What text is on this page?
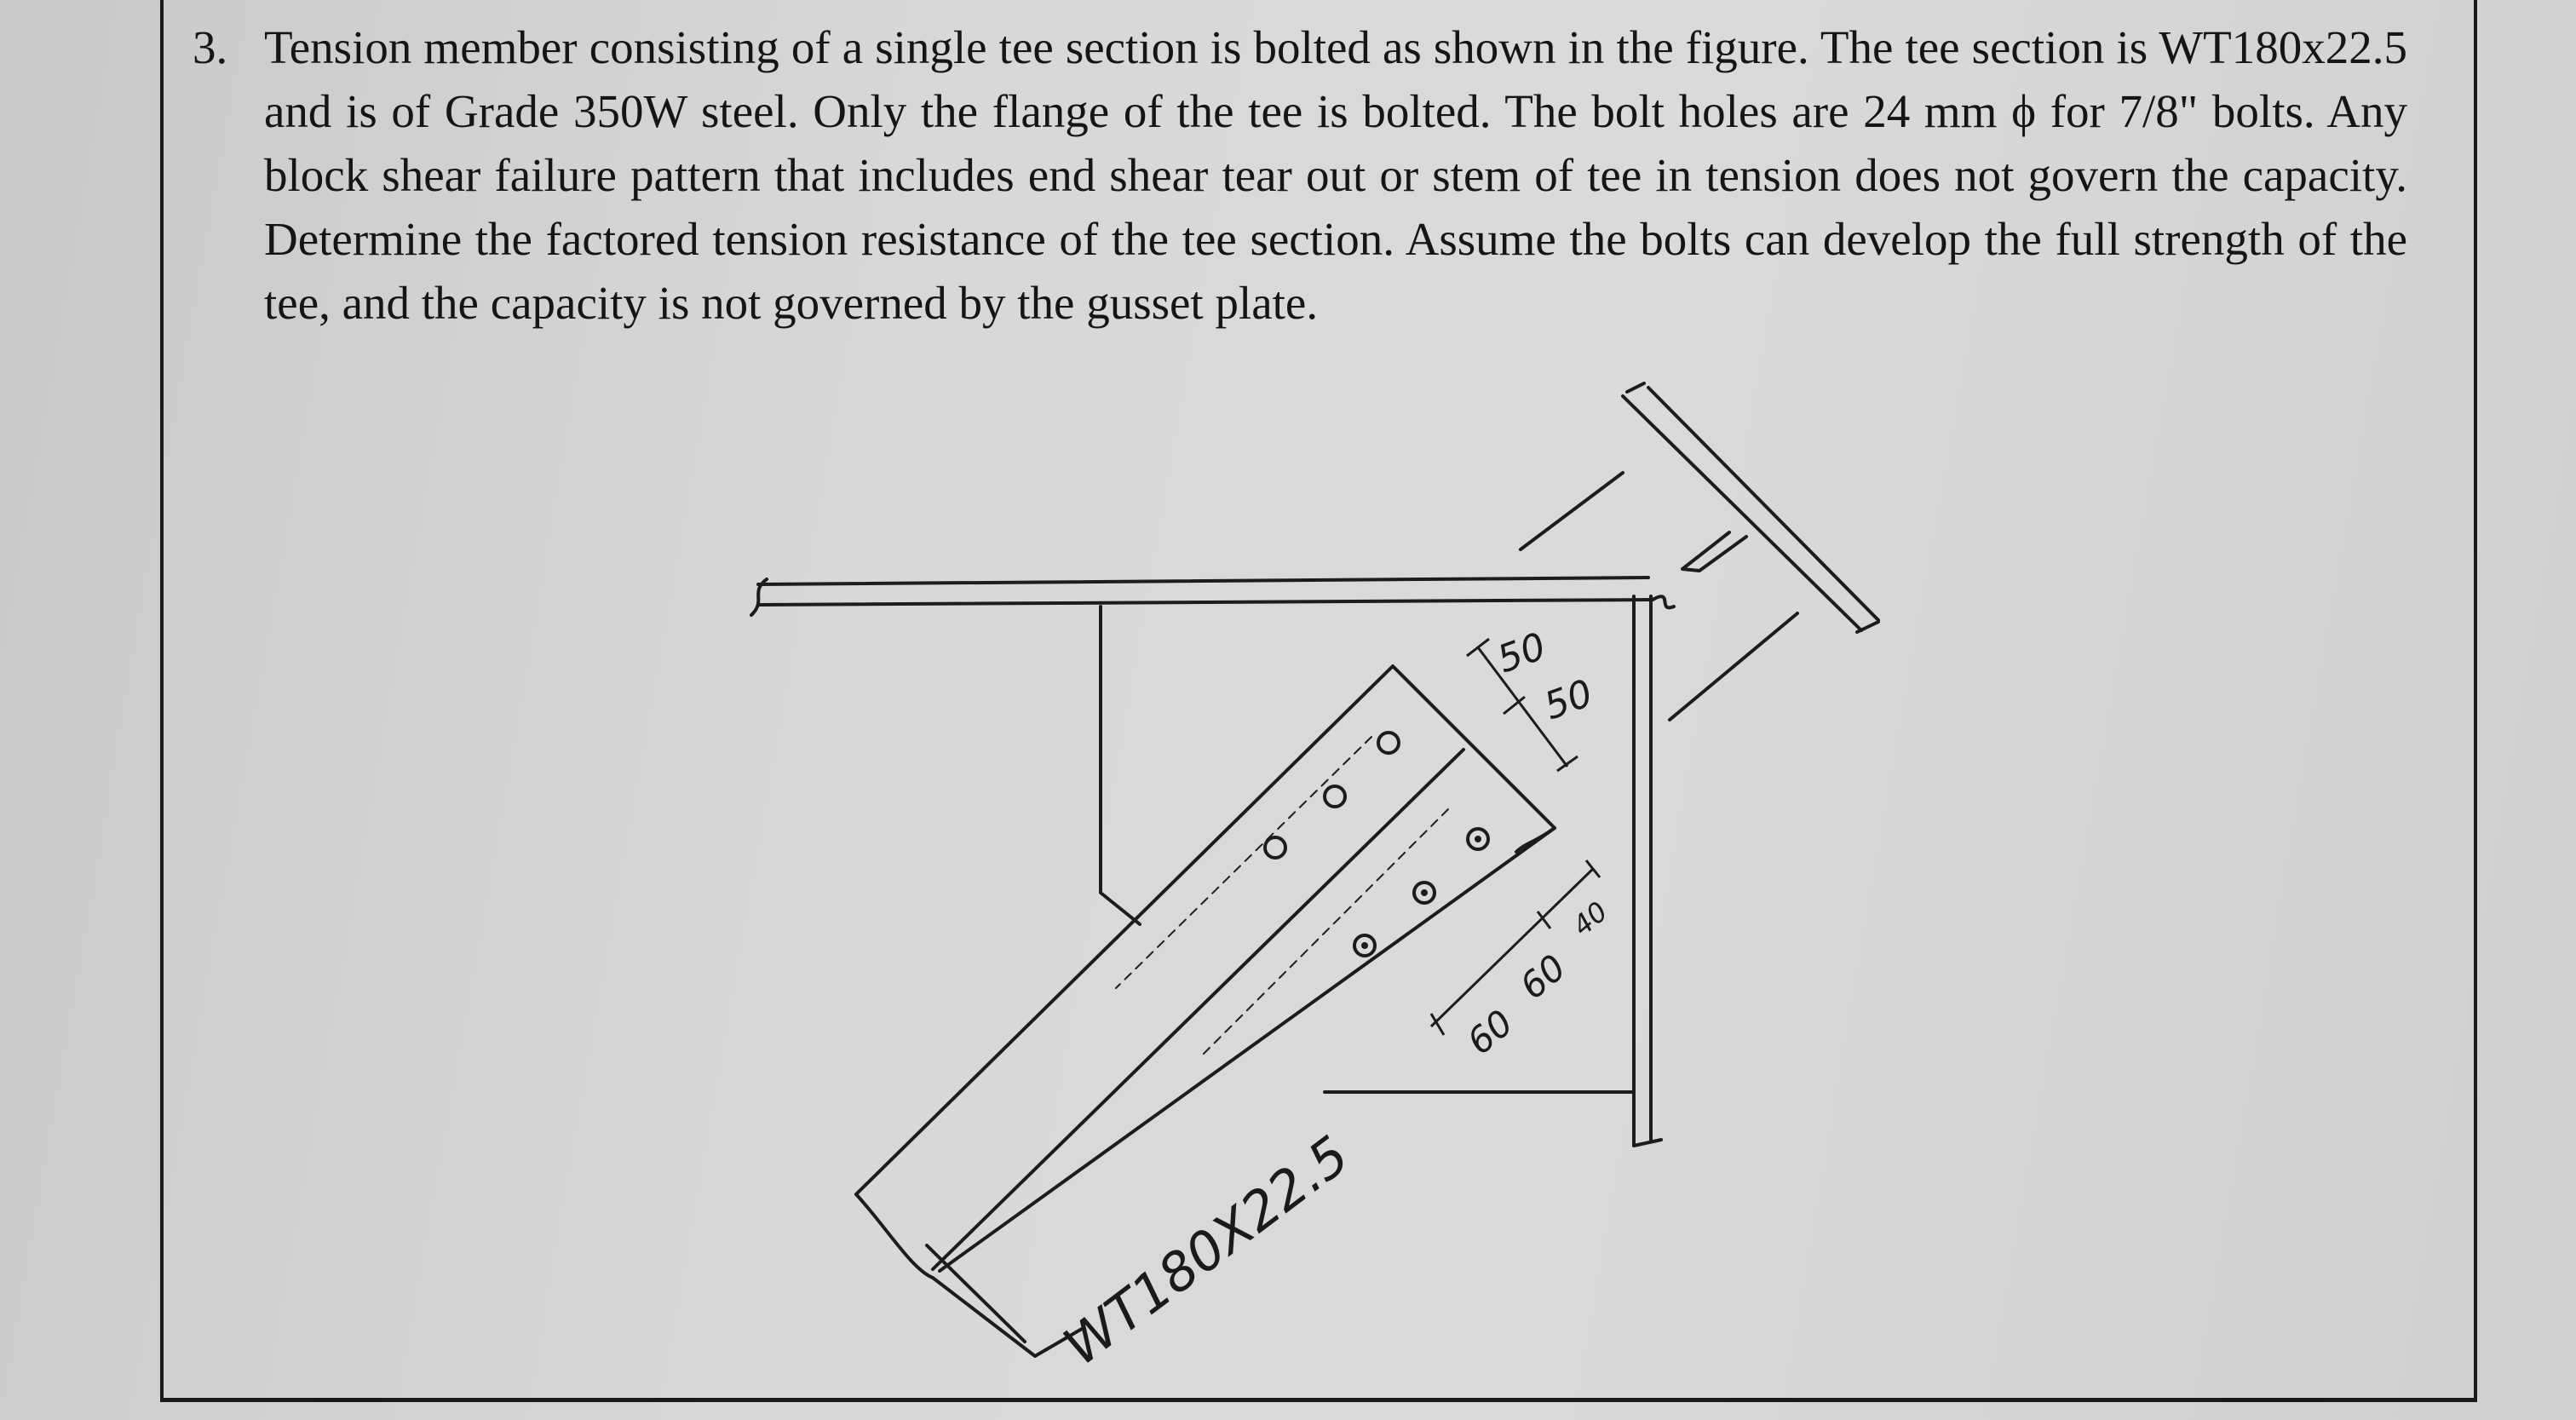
3. Tension member consisting of a single tee section is bolted as shown in the figure. The tee section is WT180x22.5 and is of Grade 350W steel. Only the flange of the tee is bolted. The bolt holes are 24 mm ϕ for 7/8" bolts. Any block shear failure pattern that includes end shear tear out or stem of tee in tension does not govern the capacity. Determine the factored tension resistance of the tee section. Assume the bolts can develop the full strength of the tee, and the capacity is not governed by the gusset plate.
50
50
60
60
40
WT180X22.5
